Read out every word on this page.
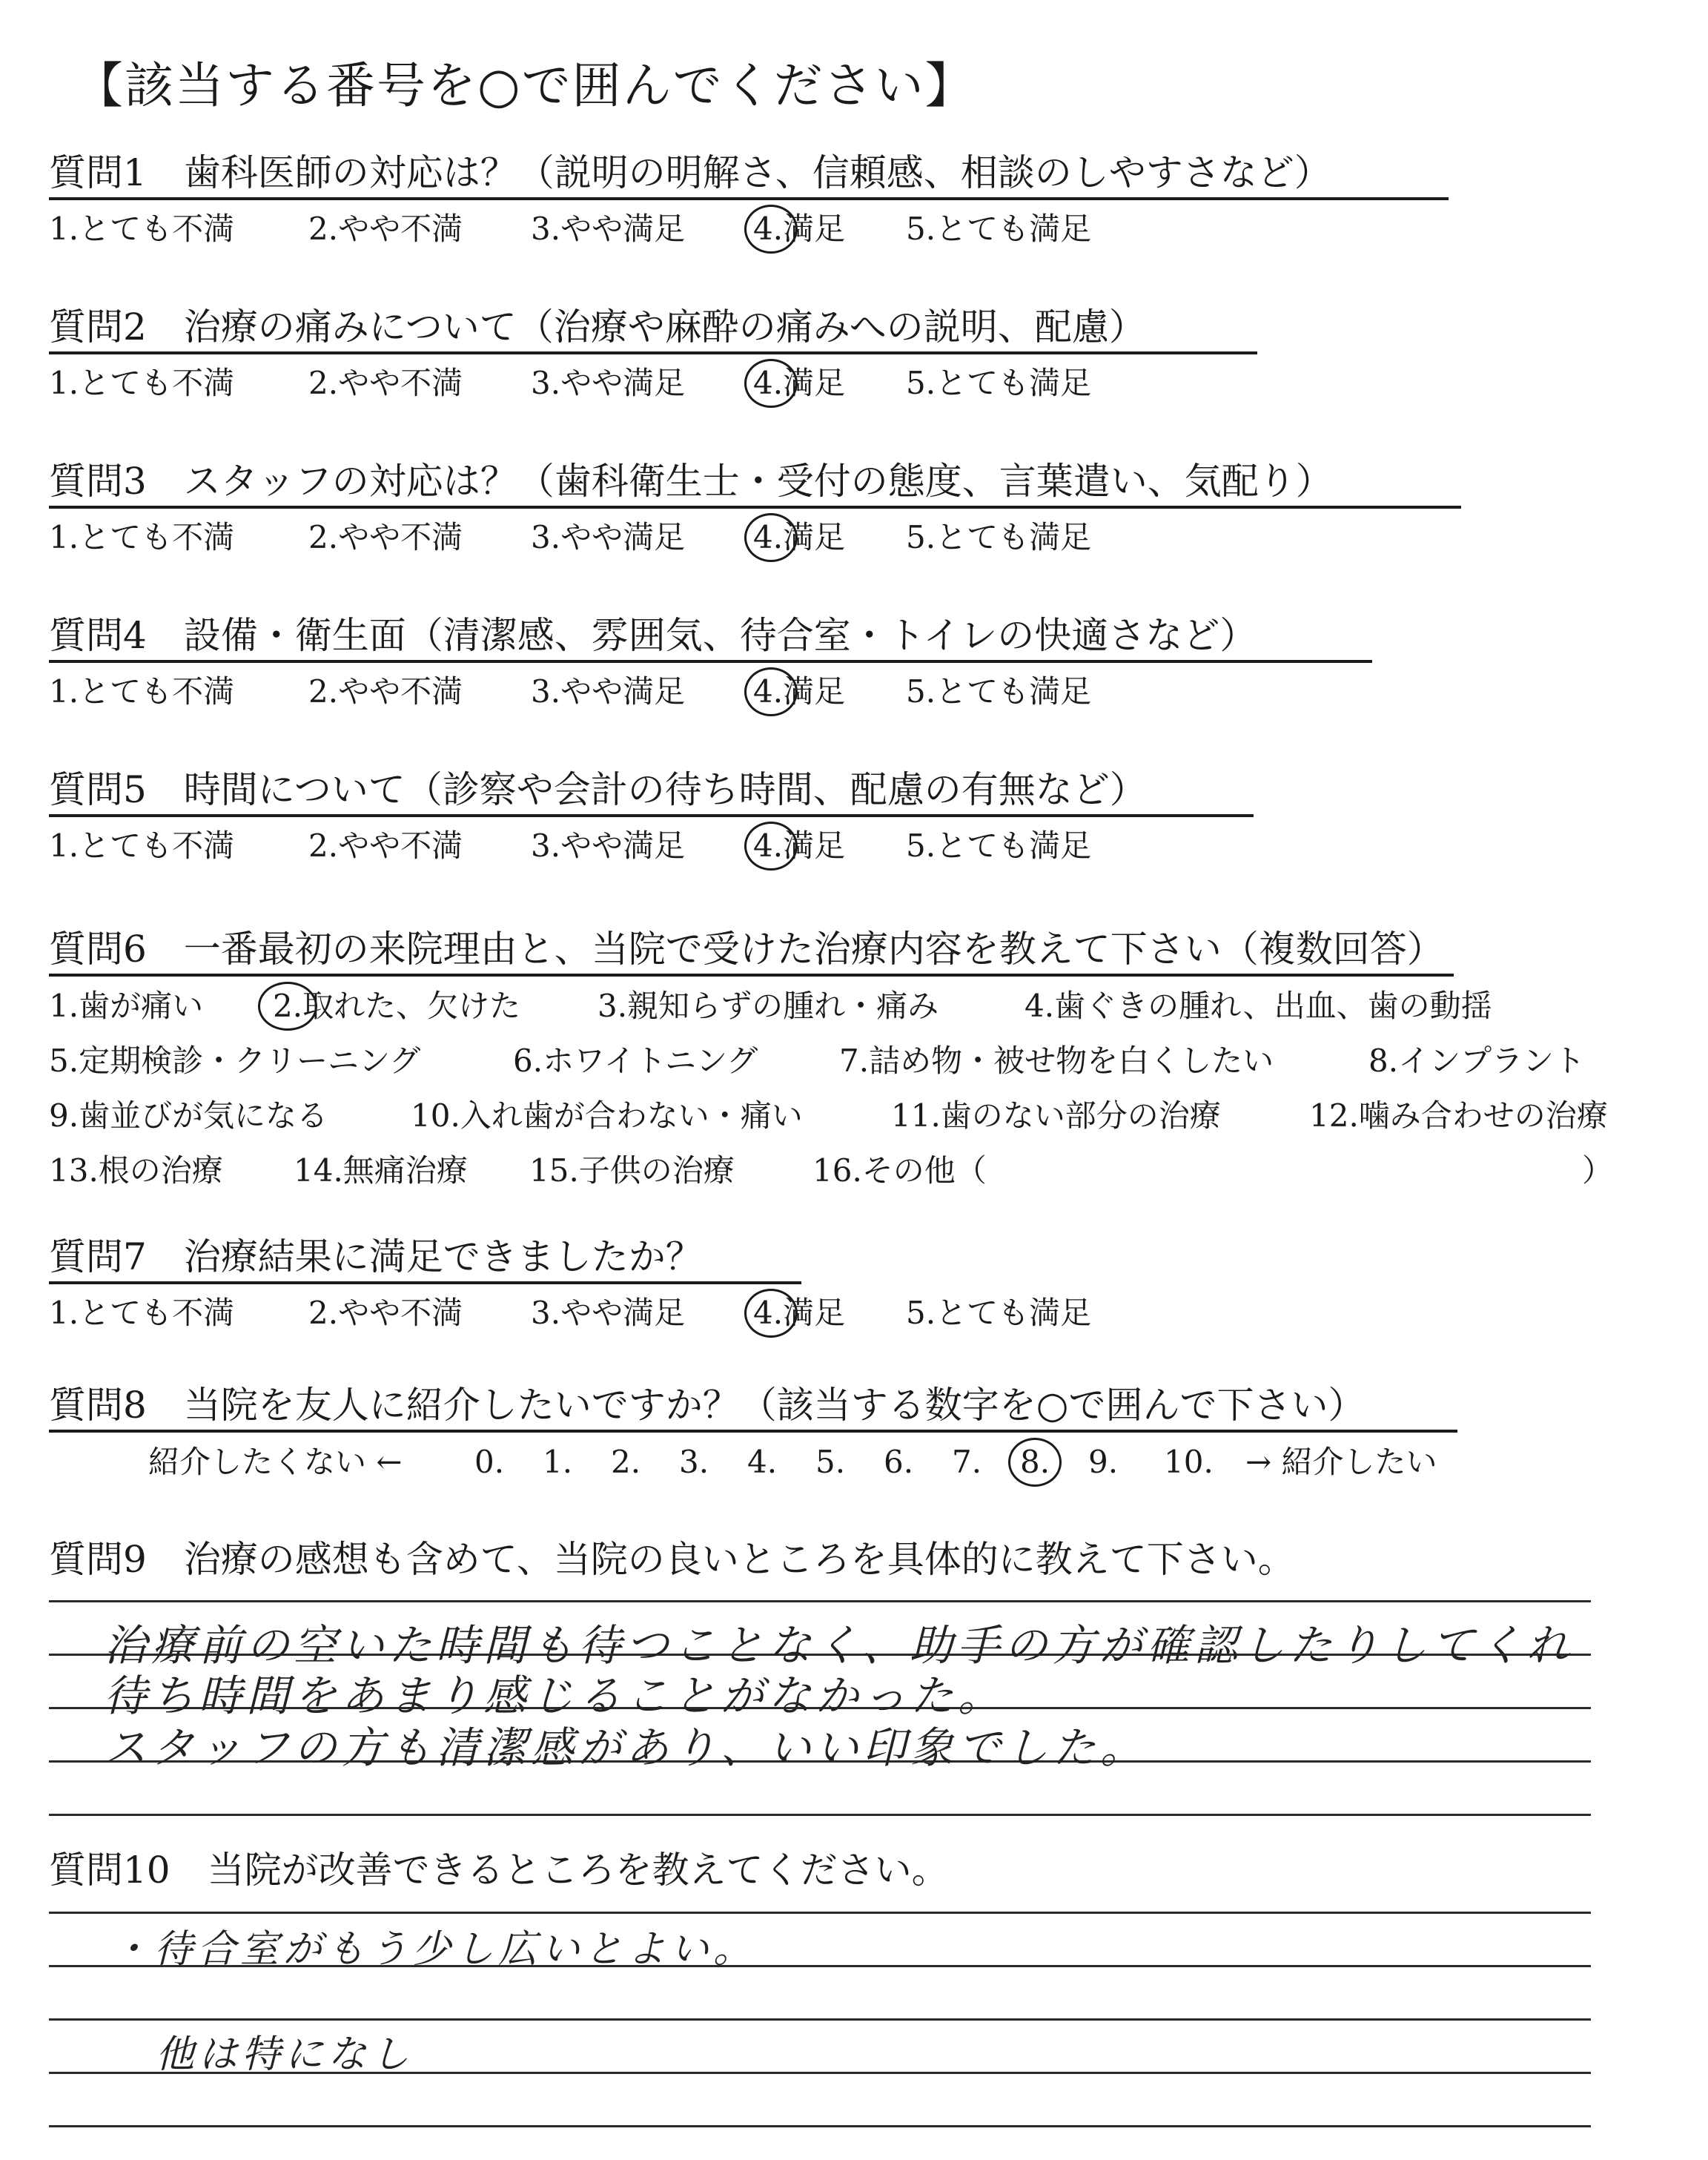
【該当する番号を○で囲んでください】
質問1　歯科医師の対応は？（説明の明解さ、信頼感、相談のしやすさなど）
1.とても不満 2.やや不満 3.やや満足 4.満足 5.とても満足
質問2　治療の痛みについて（治療や麻酔の痛みへの説明、配慮）
1.とても不満 2.やや不満 3.やや満足 4.満足 5.とても満足
質問3　スタッフの対応は？（歯科衛生士・受付の態度、言葉遣い、気配り）
1.とても不満 2.やや不満 3.やや満足 4.満足 5.とても満足
質問4　設備・衛生面（清潔感、雰囲気、待合室・トイレの快適さなど）
1.とても不満 2.やや不満 3.やや満足 4.満足 5.とても満足
質問5　時間について（診察や会計の待ち時間、配慮の有無など）
1.とても不満 2.やや不満 3.やや満足 4.満足 5.とても満足
質問7　治療結果に満足できましたか？
1.とても不満 2.やや不満 3.やや満足 4.満足 5.とても満足
質問6　一番最初の来院理由と、当院で受けた治療内容を教えて下さい（複数回答）
1.歯が痛い 2.取れた、欠けた 3.親知らずの腫れ・痛み	4.歯ぐきの腫れ、出血、歯の動揺
5.定期検診・クリーニング	6.ホワイトニング	7.詰め物・被せ物を白くしたい	8.インプラント
9.歯並びが気になる	10.入れ歯が合わない・痛い	11.歯のない部分の治療	12.噛み合わせの治療
13.根の治療 14.無痛治療 15.子供の治療	16.その他（	）
質問8　当院を友人に紹介したいですか？（該当する数字を○で囲んで下さい）
紹介したくない ← 0. 1. 2. 3. 4. 5. 6. 7. 8. 9. 10. → 紹介したい
質問9　治療の感想も含めて、当院の良いところを具体的に教えて下さい。
治療前の空いた時間も待つことなく、助手の方が確認したりしてくれ
待ち時間をあまり感じることがなかった。
スタッフの方も清潔感があり、いい印象でした。
質問10　当院が改善できるところを教えてください。
・待合室がもう少し広いとよい。
他は特になし
